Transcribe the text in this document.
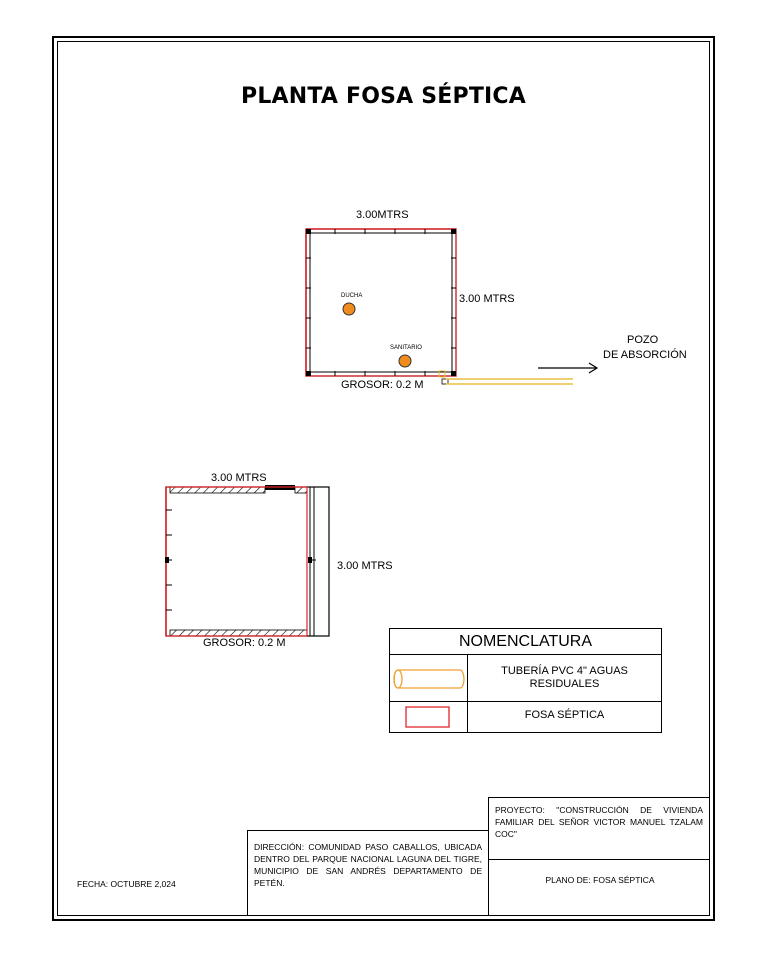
PLANTA FOSA SÉPTICA
3.00MTRS
3.00 MTRS
GROSOR: 0.2 M
DUCHA
SANITARIO
POZO
DE ABSORCIÓN
3.00 MTRS
3.00 MTRS
GROSOR: 0.2 M	NOMENCLATURA
TUBERÍA PVC 4" AGUAS RESIDUALES
FOSA SÉPTICA
DIRECCIÓN: COMUNIDAD PASO CABALLOS, UBICADA DENTRO DEL PARQUE NACIONAL LAGUNA DEL TIGRE, MUNICIPIO DE SAN ANDRÉS DEPARTAMENTO DE PETÉN.
PROYECTO: "CONSTRUCCIÓN DE VIVIENDA FAMILIAR DEL SEÑOR VICTOR MANUEL TZALAM COC"
PLANO DE: FOSA SÉPTICA
FECHA: OCTUBRE 2,024
